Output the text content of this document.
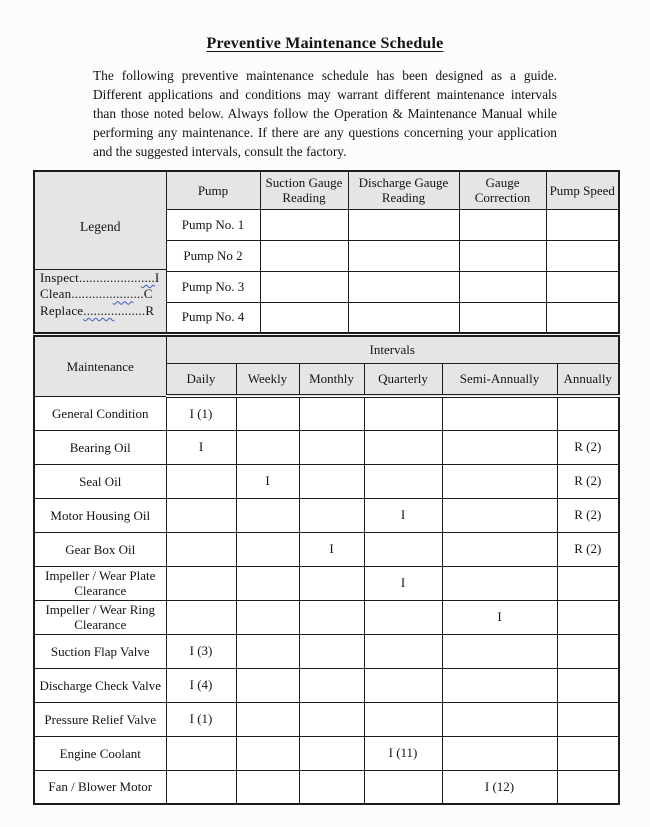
Preventive Maintenance Schedule

The following preventive maintenance schedule has been designed as a guide. Different applications and conditions may warrant different maintenance intervals than those noted below. Always follow the Operation & Maintenance Manual while performing any maintenance. If there are any questions concerning your application and the suggested intervals, consult the factory.

Legend
Inspect......................I
Clean.....................C
Replace..................R	Pump	Suction Gauge Reading	Discharge Gauge Reading	Gauge Correction	Pump Speed
	Pump No. 1				
	Pump No 2				
	Pump No. 3				
	Pump No. 4				
Maintenance	Intervals					
	Daily	Weekly	Monthly	Quarterly	Semi-Annually	Annually
General Condition	I (1)					
Bearing Oil	I					R (2)
Seal Oil		I				R (2)
Motor Housing Oil				I		R (2)
Gear Box Oil			I			R (2)
Impeller / Wear Plate Clearance				I		
Impeller / Wear Ring Clearance					I	
Suction Flap Valve	I (3)					
Discharge Check Valve	I (4)					
Pressure Relief Valve	I (1)					
Engine Coolant				I (11)		
Fan / Blower Motor					I (12)	
